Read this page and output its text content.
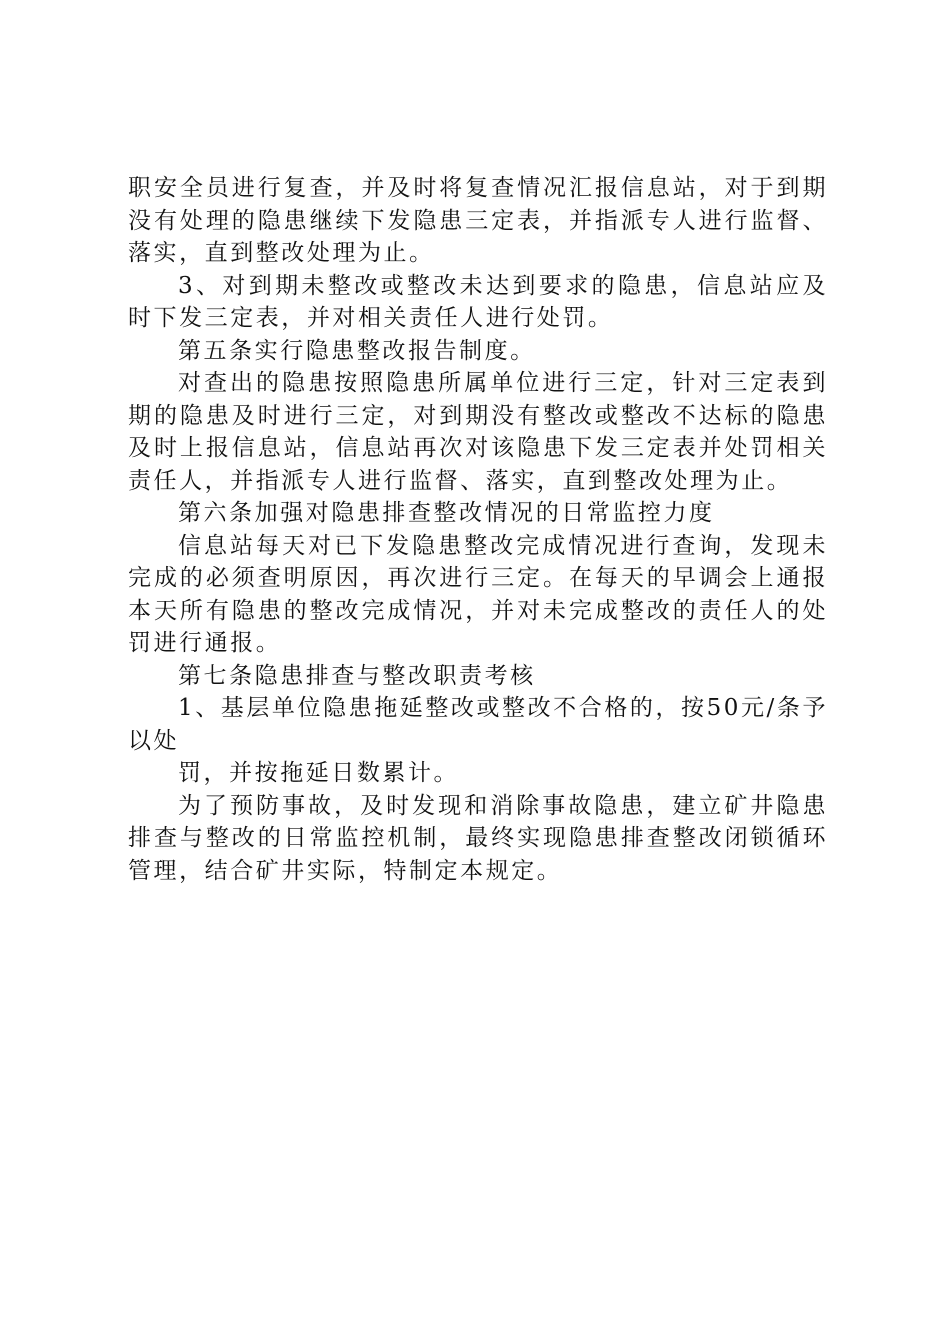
职安全员进行复查，并及时将复查情况汇报信息站，对于到期没有处理的隐患继续下发隐患三定表，并指派专人进行监督、落实，直到整改处理为止。

3、对到期未整改或整改未达到要求的隐患，信息站应及时下发三定表，并对相关责任人进行处罚。

第五条实行隐患整改报告制度。

对查出的隐患按照隐患所属单位进行三定，针对三定表到期的隐患及时进行三定，对到期没有整改或整改不达标的隐患及时上报信息站，信息站再次对该隐患下发三定表并处罚相关责任人，并指派专人进行监督、落实，直到整改处理为止。

第六条加强对隐患排查整改情况的日常监控力度

信息站每天对已下发隐患整改完成情况进行查询，发现未完成的必须查明原因，再次进行三定。在每天的早调会上通报本天所有隐患的整改完成情况，并对未完成整改的责任人的处罚进行通报。

第七条隐患排查与整改职责考核

1、基层单位隐患拖延整改或整改不合格的，按50元/条予以处

罚，并按拖延日数累计。

为了预防事故，及时发现和消除事故隐患，建立矿井隐患排查与整改的日常监控机制，最终实现隐患排查整改闭锁循环管理，结合矿井实际，特制定本规定。
